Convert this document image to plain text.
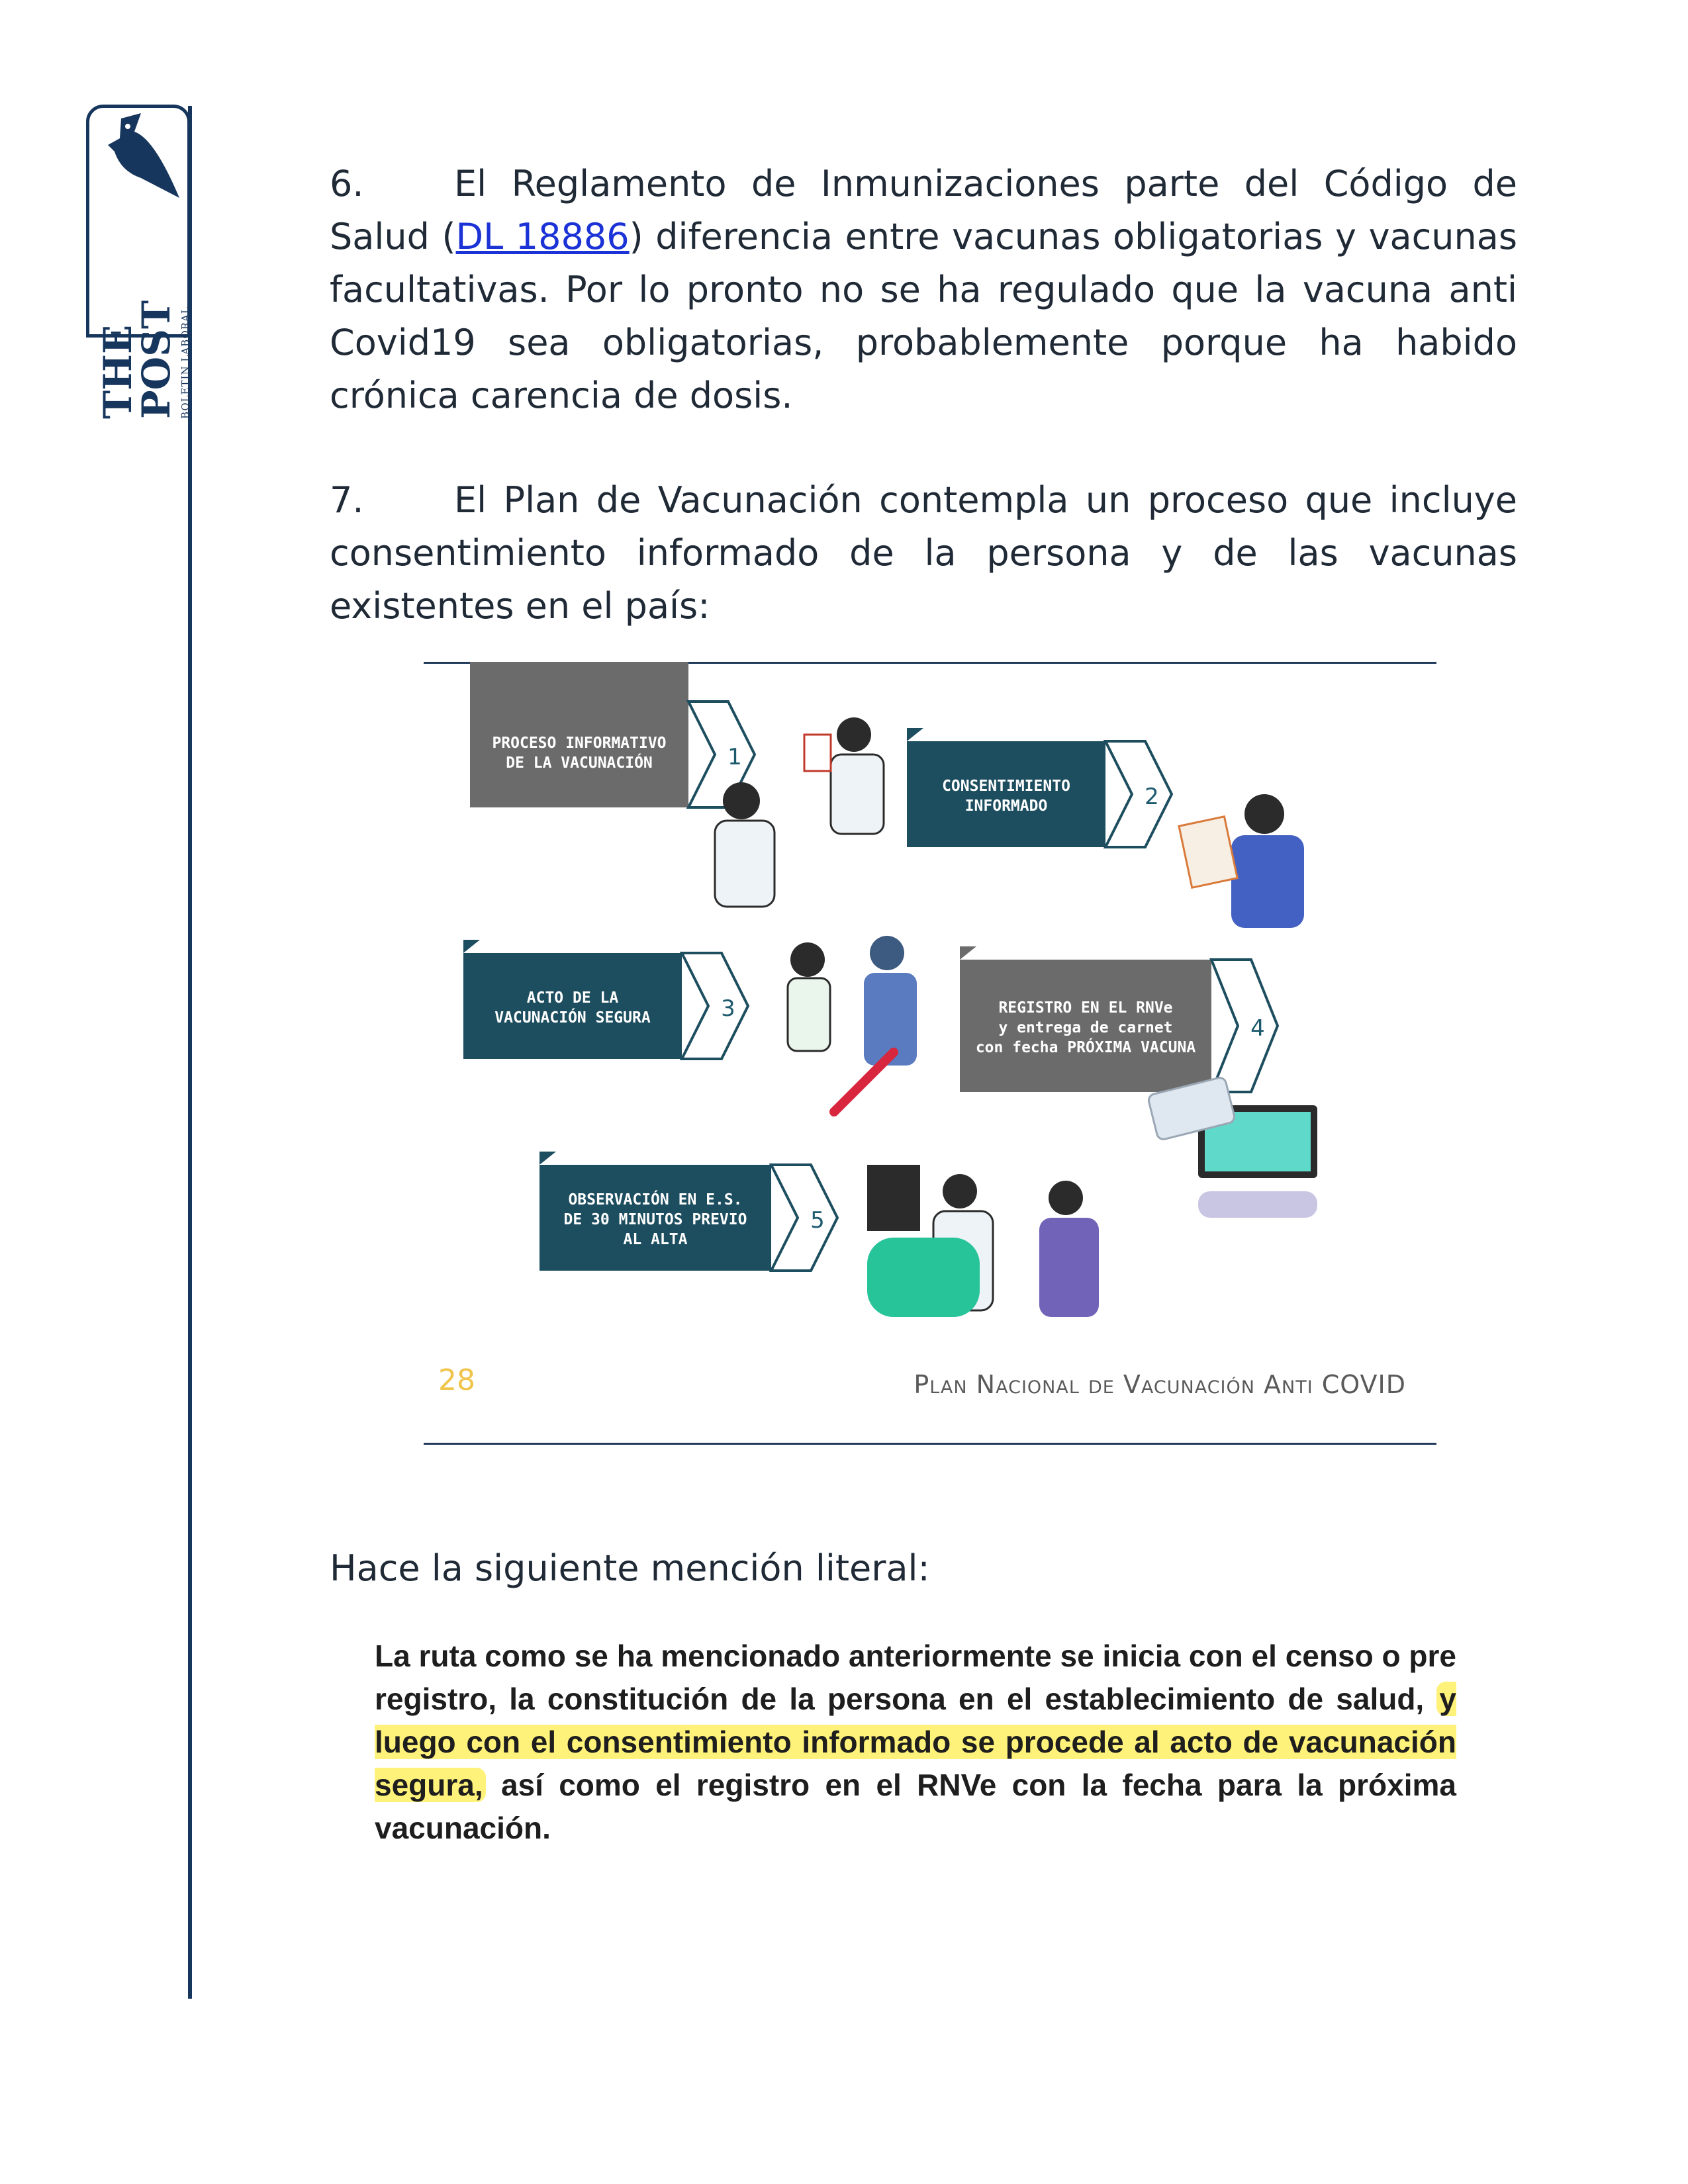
THE
POST BOLETIN LABORAL

6.	El Reglamento de Inmunizaciones parte del Código de Salud (DL 18886) diferencia entre vacunas obligatorias y vacunas facultativas. Por lo pronto no se ha regulado que la vacuna anti Covid19 sea obligatorias, probablemente porque ha habido crónica carencia de dosis.

7.	El Plan de Vacunación contempla un proceso que incluye consentimiento informado de la persona y de las vacunas existentes en el país:

PROCESO INFORMATIVO
DE LA VACUNACIÓN	1
CONSENTIMIENTO
INFORMADO	2
ACTO DE LA
VACUNACIÓN SEGURA	3	REGISTRO EN EL RNVe
y entrega de carnet
con fecha PRÓXIMA VACUNA
4
OBSERVACIÓN EN E.S.
DE 30 MINUTOS PREVIO
AL ALTA
5
28	Plan Nacional de Vacunación Anti COVID

Hace la siguiente mención literal:

La ruta como se ha mencionado anteriormente se inicia con el censo o pre registro, la constitución de la persona en el establecimiento de salud, y luego con el consentimiento informado se procede al acto de vacunación segura, así como el registro en el RNVe con la fecha para la próxima vacunación.
